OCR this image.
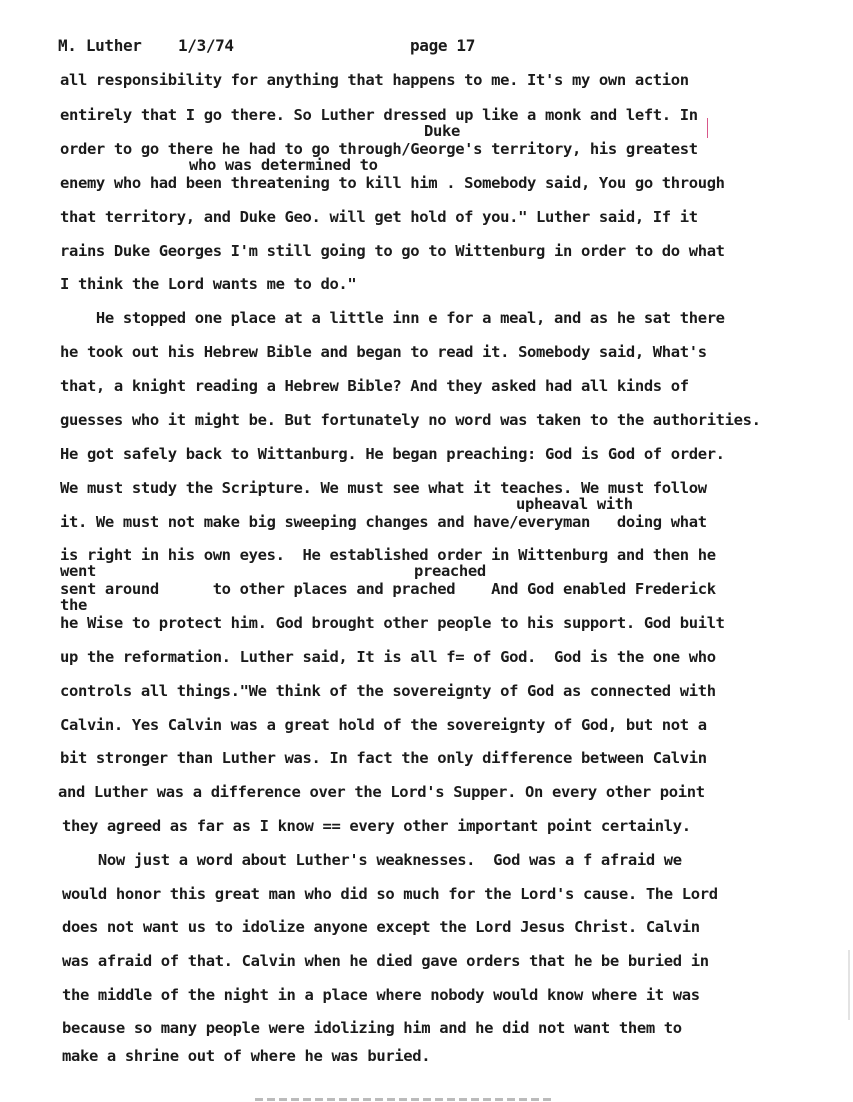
M. Luther 1/3/74	page 17
all responsibility for anything that happens to me. It's my own action
entirely that I go there. So Luther dressed up like a monk and left. In
Duke
order to go there he had to go through/George's territory, his greatest
who was determined to
enemy who had been threatening to kill him . Somebody said, You go through
that territory, and Duke Geo. will get hold of you." Luther said, If it
rains Duke Georges I'm still going to go to Wittenburg in order to do what
I think the Lord wants me to do."
He stopped one place at a little inn e for a meal, and as he sat there
he took out his Hebrew Bible and began to read it. Somebody said, What's
that, a knight reading a Hebrew Bible? And they asked had all kinds of
guesses who it might be. But fortunately no word was taken to the authorities.
He got safely back to Wittanburg. He began preaching: God is God of order.
We must study the Scripture. We must see what it teaches. We must follow
upheaval with
it. We must not make big sweeping changes and have/everyman   doing what
is right in his own eyes.  He established order in Wittenburg and then he
went	preached
sent around      to other places and prached    And God enabled Frederick
the
he Wise to protect him. God brought other people to his support. God built
up the reformation. Luther said, It is all f= of God.  God is the one who
controls all things."We think of the sovereignty of God as connected with
Calvin. Yes Calvin was a great hold of the sovereignty of God, but not a
bit stronger than Luther was. In fact the only difference between Calvin
and Luther was a difference over the Lord's Supper. On every other point
they agreed as far as I know == every other important point certainly.
Now just a word about Luther's weaknesses.  God was a f afraid we
would honor this great man who did so much for the Lord's cause. The Lord
does not want us to idolize anyone except the Lord Jesus Christ. Calvin
was afraid of that. Calvin when he died gave orders that he be buried in
the middle of the night in a place where nobody would know where it was
because so many people were idolizing him and he did not want them to
make a shrine out of where he was buried.
